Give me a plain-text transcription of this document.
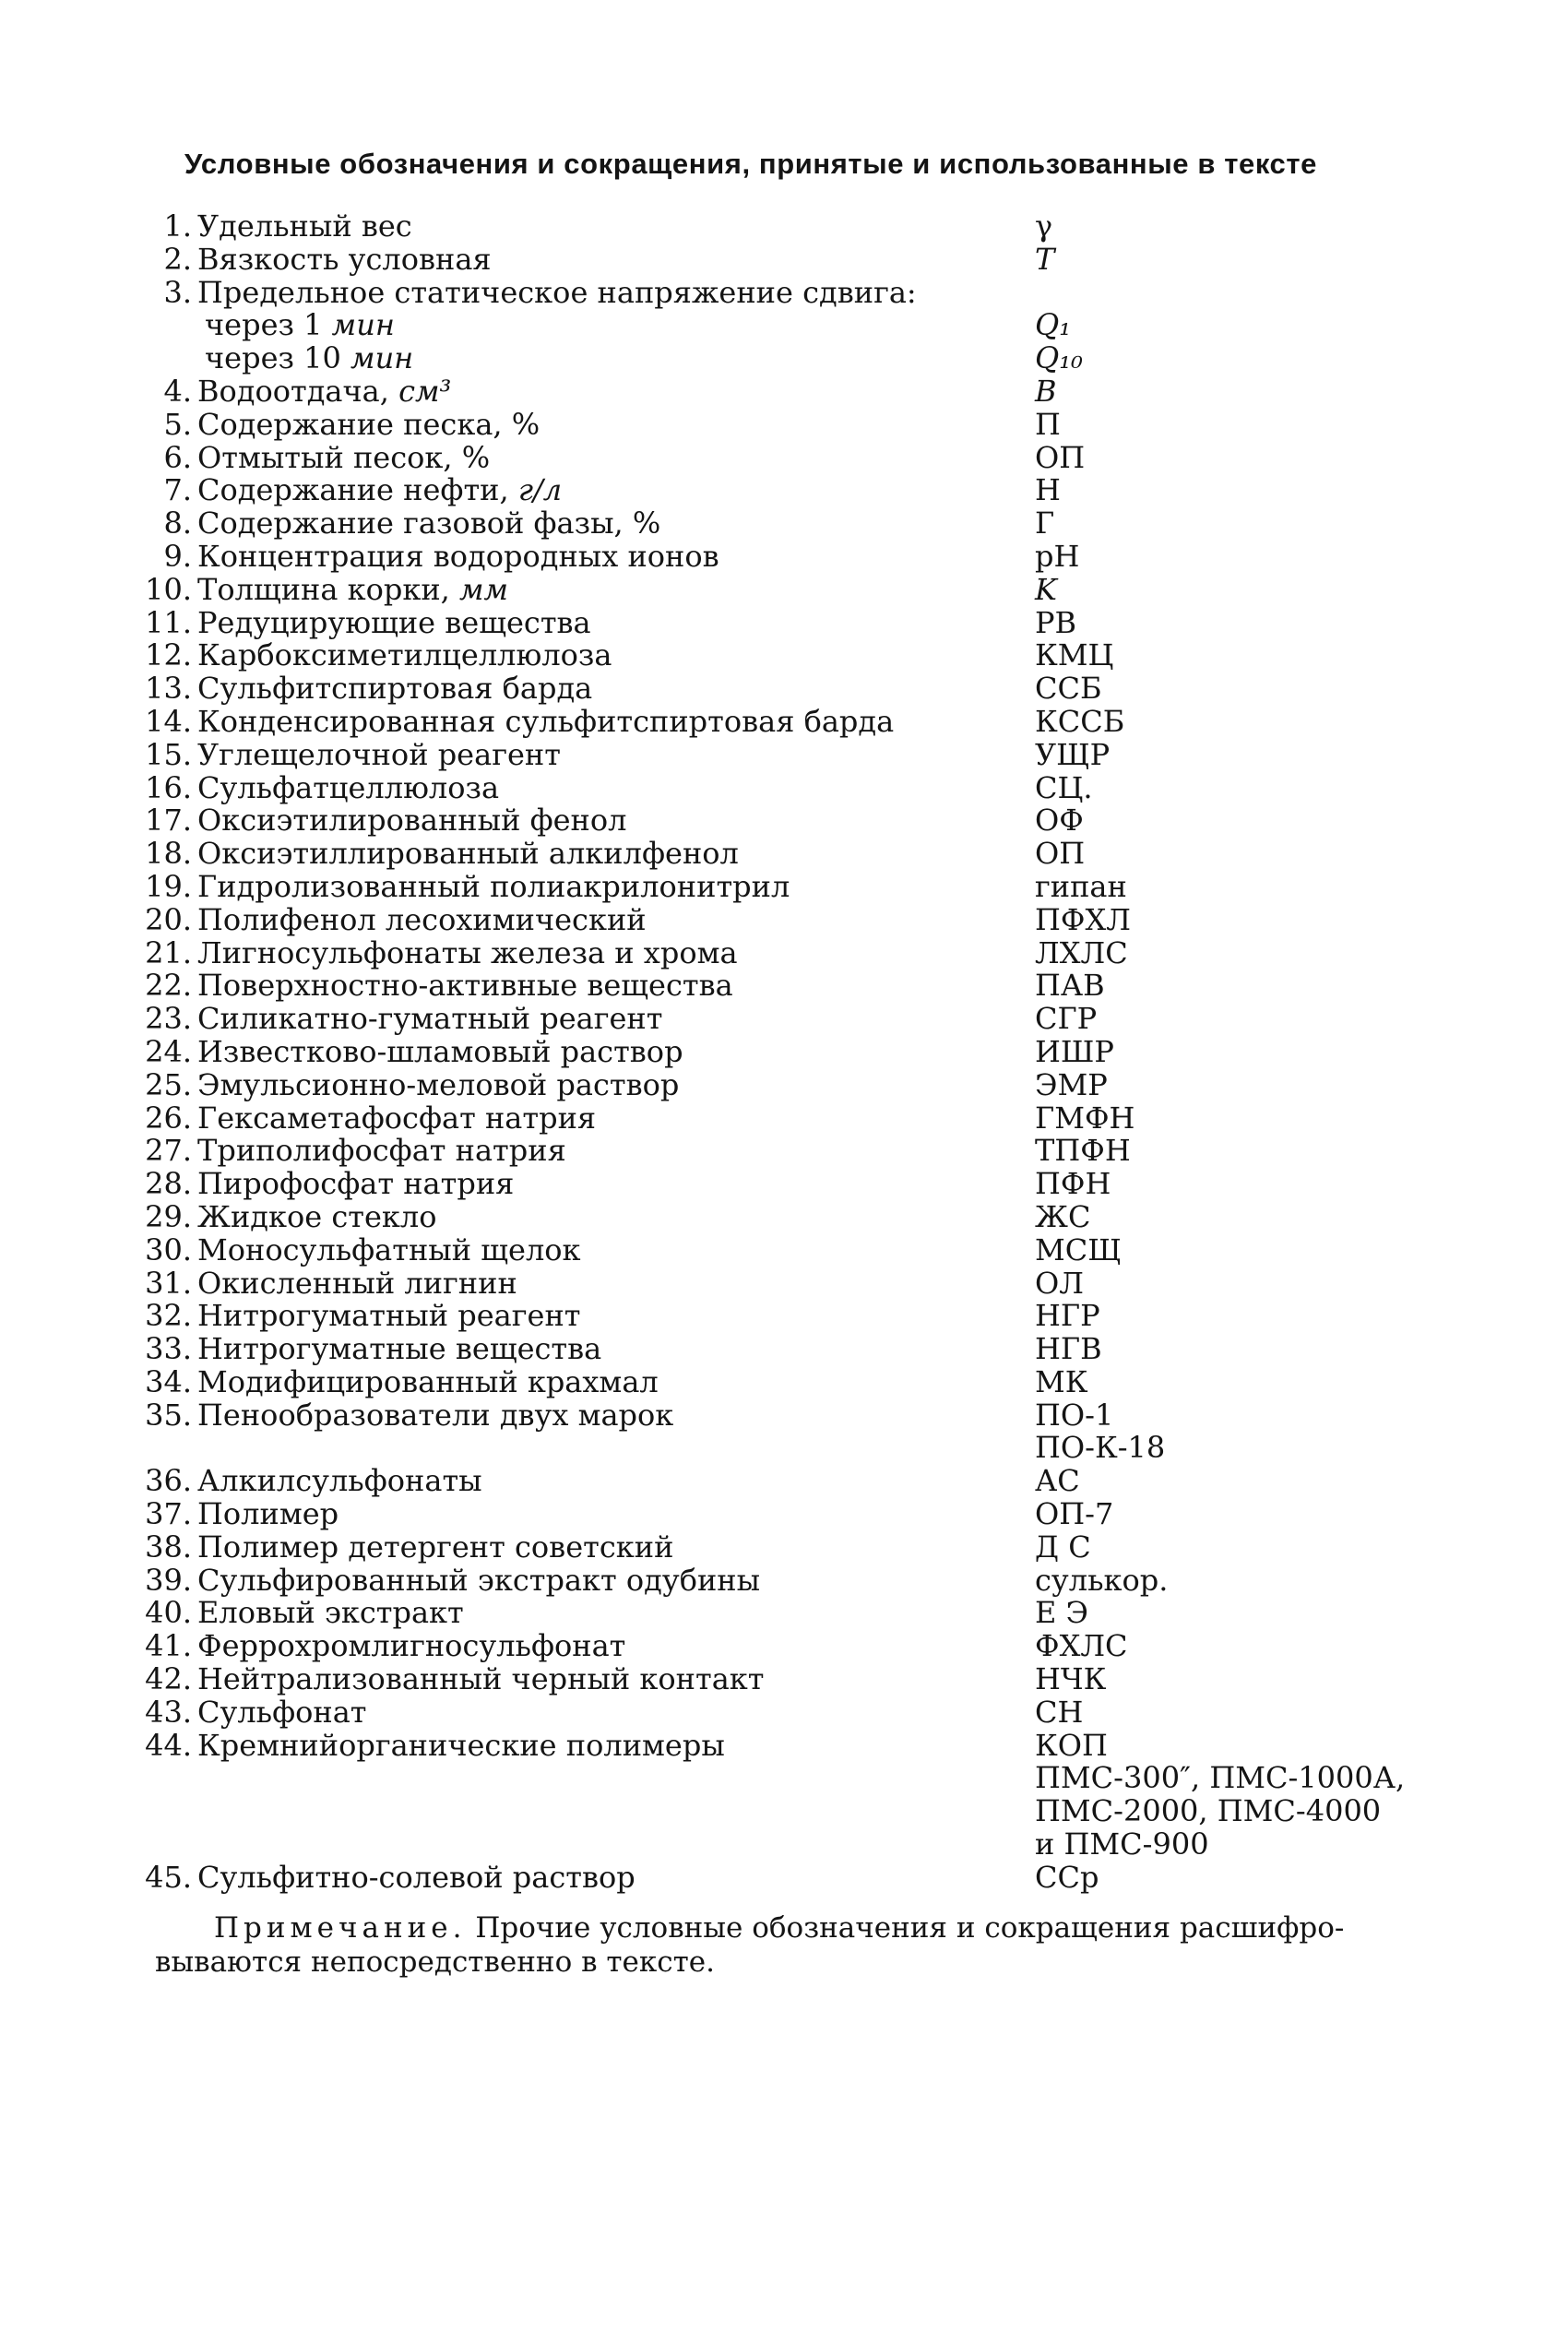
Условные обозначения и сокращения, принятые и использованные в тексте
1. Удельный вес	γ
2. Вязкость условная	T
3. Предельное статическое напряжение сдвига:
через 1 мин	Q₁
через 10 мин	Q₁₀
4. Водоотдача, см³	B
5. Содержание песка, %	П
6. Отмытый песок, %	ОП
7. Содержание нефти, г/л	Н
8. Содержание газовой фазы, %	Г
9. Концентрация водородных ионов	pH
10. Толщина корки, мм	K
11. Редуцирующие вещества	РВ
12. Карбоксиметилцеллюлоза	КМЦ
13. Сульфитспиртовая барда	ССБ
14. Конденсированная сульфитспиртовая барда	КССБ
15. Углещелочной реагент	УЩР
16. Сульфатцеллюлоза	СЦ.
17. Оксиэтилированный фенол	ОФ
18. Оксиэтиллированный алкилфенол	ОП
19. Гидролизованный полиакрилонитрил	гипан
20. Полифенол лесохимический	ПФХЛ
21. Лигносульфонаты железа и хрома	ЛХЛС
22. Поверхностно-активные вещества	ПАВ
23. Силикатно-гуматный реагент	СГР
24. Известково-шламовый раствор	ИШР
25. Эмульсионно-меловой раствор	ЭМР
26. Гексаметафосфат натрия	ГМФН
27. Триполифосфат натрия	ТПФН
28. Пирофосфат натрия	ПФН
29. Жидкое стекло	ЖС
30. Моносульфатный щелок	МСЩ
31. Окисленный лигнин	ОЛ
32. Нитрогуматный реагент	НГР
33. Нитрогуматные вещества	НГВ
34. Модифицированный крахмал	МК
35. Пенообразователи двух марок	ПО-1
ПО-К-18
36. Алкилсульфонаты	АС
37. Полимер	ОП-7
38. Полимер детергент советский	Д С
39. Сульфированный экстракт одубины	сулькор.
40. Еловый экстракт	Е Э
41. Феррохромлигносульфонат	ФХЛС
42. Нейтрализованный черный контакт	НЧК
43. Сульфонат	СН
44. Кремнийорганические полимеры	КОП
ПМС-300″, ПМС-1000А,
ПМС-2000, ПМС-4000
и ПМС-900
45. Сульфитно-солевой раствор	ССр
Примечание. Прочие условные обозначения и сокращения расшифро-
вываются непосредственно в тексте.
